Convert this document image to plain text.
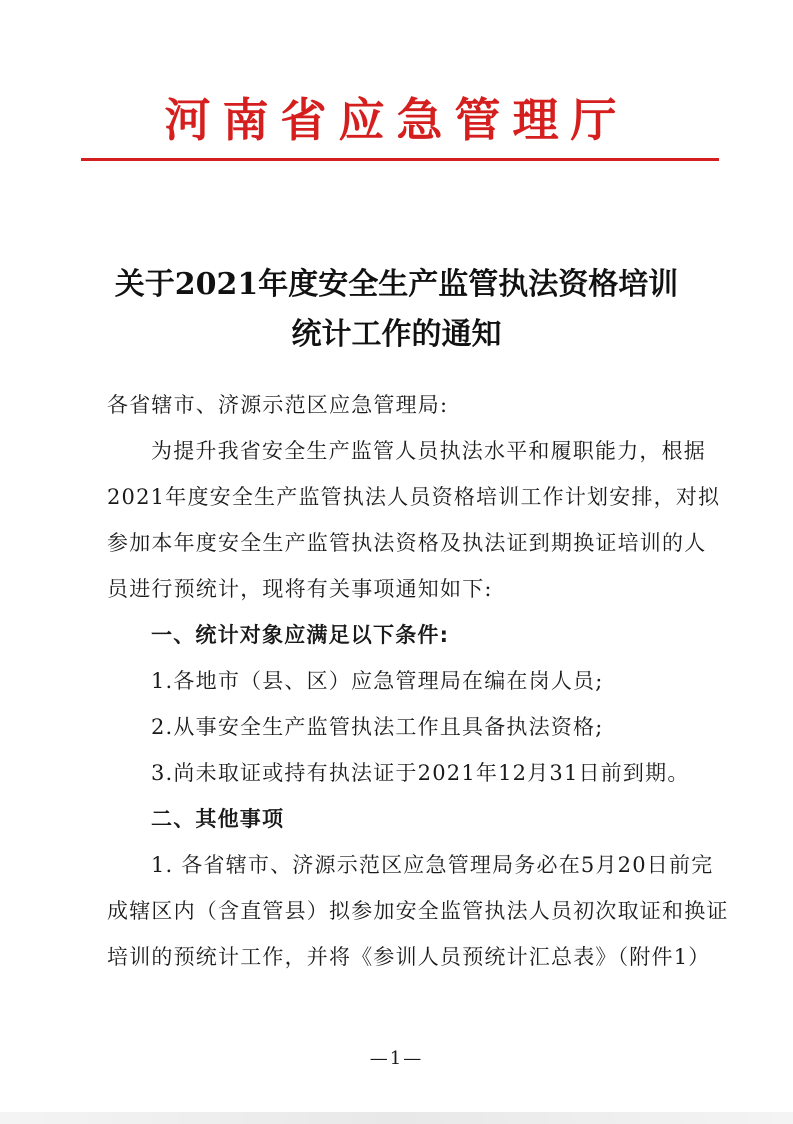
河南省应急管理厅
关于2021年度安全生产监管执法资格培训
统计工作的通知

各省辖市、济源示范区应急管理局:

为提升我省安全生产监管人员执法水平和履职能力，根据

2021年度安全生产监管执法人员资格培训工作计划安排，对拟

参加本年度安全生产监管执法资格及执法证到期换证培训的人

员进行预统计，现将有关事项通知如下:

一、统计对象应满足以下条件:

1.各地市（县、区）应急管理局在编在岗人员;

2.从事安全生产监管执法工作且具备执法资格;

3.尚未取证或持有执法证于2021年12月31日前到期。

二、其他事项

1. 各省辖市、济源示范区应急管理局务必在5月20日前完

成辖区内（含直管县）拟参加安全监管执法人员初次取证和换证

培训的预统计工作，并将《参训人员预统计汇总表》（附件1）

—1—
